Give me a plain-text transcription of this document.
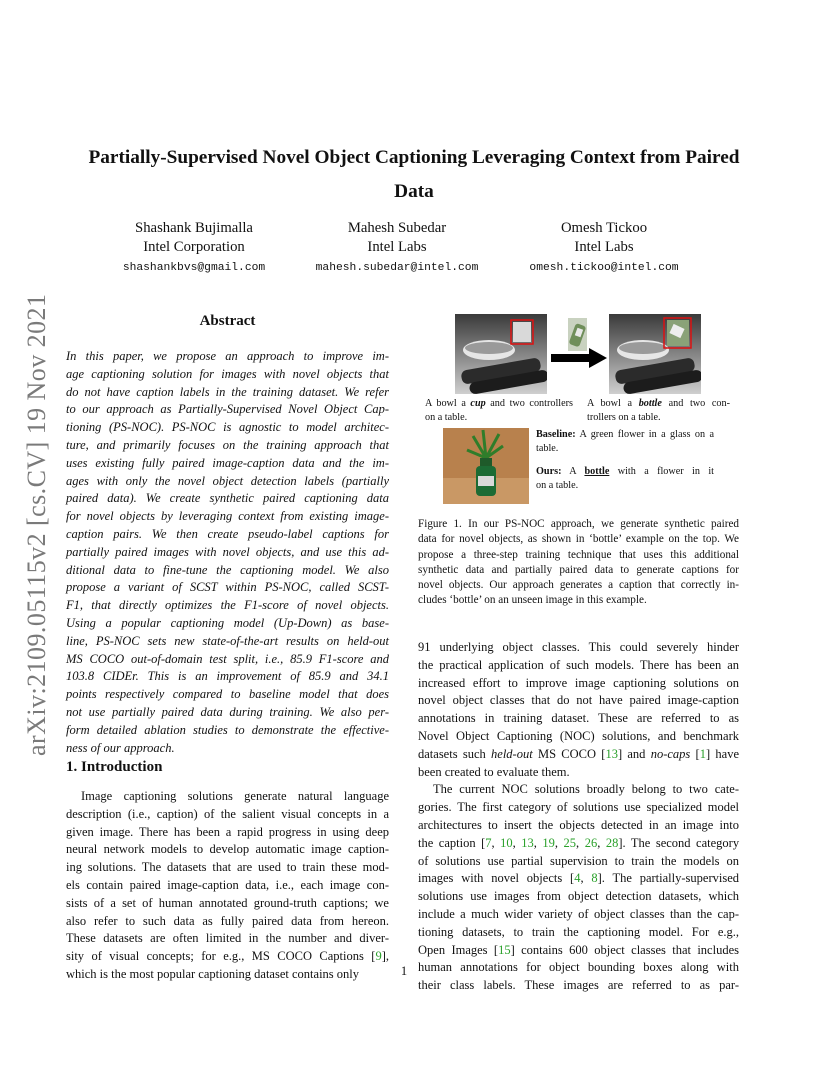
arXiv:2109.05115v2 [cs.CV] 19 Nov 2021
Partially-Supervised Novel Object Captioning Leveraging Context from Paired
Data
Shashank Bujimalla
Intel Corporation
shashankbvs@gmail.com
Mahesh Subedar
Intel Labs
mahesh.subedar@intel.com
Omesh Tickoo
Intel Labs
omesh.tickoo@intel.com
Abstract
In this paper, we propose an approach to improve im-
age captioning solution for images with novel objects that
do not have caption labels in the training dataset. We refer
to our approach as Partially-Supervised Novel Object Cap-
tioning (PS-NOC). PS-NOC is agnostic to model architec-
ture, and primarily focuses on the training approach that
uses existing fully paired image-caption data and the im-
ages with only the novel object detection labels (partially
paired data). We create synthetic paired captioning data
for novel objects by leveraging context from existing image-
caption pairs. We then create pseudo-label captions for
partially paired images with novel objects, and use this ad-
ditional data to fine-tune the captioning model. We also
propose a variant of SCST within PS-NOC, called SCST-
F1, that directly optimizes the F1-score of novel objects.
Using a popular captioning model (Up-Down) as base-
line, PS-NOC sets new state-of-the-art results on held-out
MS COCO out-of-domain test split, i.e., 85.9 F1-score and
103.8 CIDEr. This is an improvement of 85.9 and 34.1
points respectively compared to baseline model that does
not use partially paired data during training. We also per-
form detailed ablation studies to demonstrate the effective-
ness of our approach.
1. Introduction
Image captioning solutions generate natural language
description (i.e., caption) of the salient visual concepts in a
given image. There has been a rapid progress in using deep
neural network models to develop automatic image caption-
ing solutions. The datasets that are used to train these mod-
els contain paired image-caption data, i.e., each image con-
sists of a set of human annotated ground-truth captions; we
also refer to such data as fully paired data from hereon.
These datasets are often limited in the number and diver-
sity of visual concepts; for e.g., MS COCO Captions [9],
which is the most popular captioning dataset contains only
A bowl a cup and two controllers
on a table.
A bowl a bottle and two con-
trollers on a table.
Baseline: A green flower in a glass on a
table.
Ours: A bottle with a flower in it
on a table.
Figure 1. In our PS-NOC approach, we generate synthetic paired
data for novel objects, as shown in ‘bottle’ example on the top. We
propose a three-step training technique that uses this additional
synthetic data and partially paired data to generate captions for
novel objects. Our approach generates a caption that correctly in-
cludes ‘bottle’ on an unseen image in this example.
91 underlying object classes. This could severely hinder
the practical application of such models. There has been an
increased effort to improve image captioning solutions on
novel object classes that do not have paired image-caption
annotations in training dataset. These are referred to as
Novel Object Captioning (NOC) solutions, and benchmark
datasets such held-out MS COCO [13] and no-caps [1] have
been created to evaluate them.
The current NOC solutions broadly belong to two cate-
gories. The first category of solutions use specialized model
architectures to insert the objects detected in an image into
the caption [7, 10, 13, 19, 25, 26, 28]. The second category
of solutions use partial supervision to train the models on
images with novel objects [4, 8]. The partially-supervised
solutions use images from object detection datasets, which
include a much wider variety of object classes than the cap-
tioning datasets, to train the captioning model. For e.g.,
Open Images [15] contains 600 object classes that includes
human annotations for object bounding boxes along with
their class labels. These images are referred to as par-
1
